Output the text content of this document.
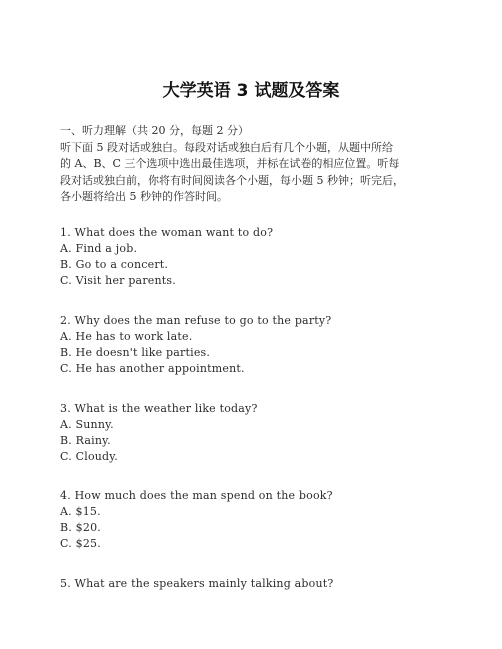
大学英语 3 试题及答案
一、听力理解（共 20 分，每题 2 分）
听下面 5 段对话或独白。每段对话或独白后有几个小题，从题中所给
的 A、B、C 三个选项中选出最佳选项，并标在试卷的相应位置。听每
段对话或独白前，你将有时间阅读各个小题，每小题 5 秒钟；听完后，
各小题将给出 5 秒钟的作答时间。
1. What does the woman want to do?
A. Find a job.
B. Go to a concert.
C. Visit her parents.
2. Why does the man refuse to go to the party?
A. He has to work late.
B. He doesn't like parties.
C. He has another appointment.
3. What is the weather like today?
A. Sunny.
B. Rainy.
C. Cloudy.
4. How much does the man spend on the book?
A. $15.
B. $20.
C. $25.
5. What are the speakers mainly talking about?
